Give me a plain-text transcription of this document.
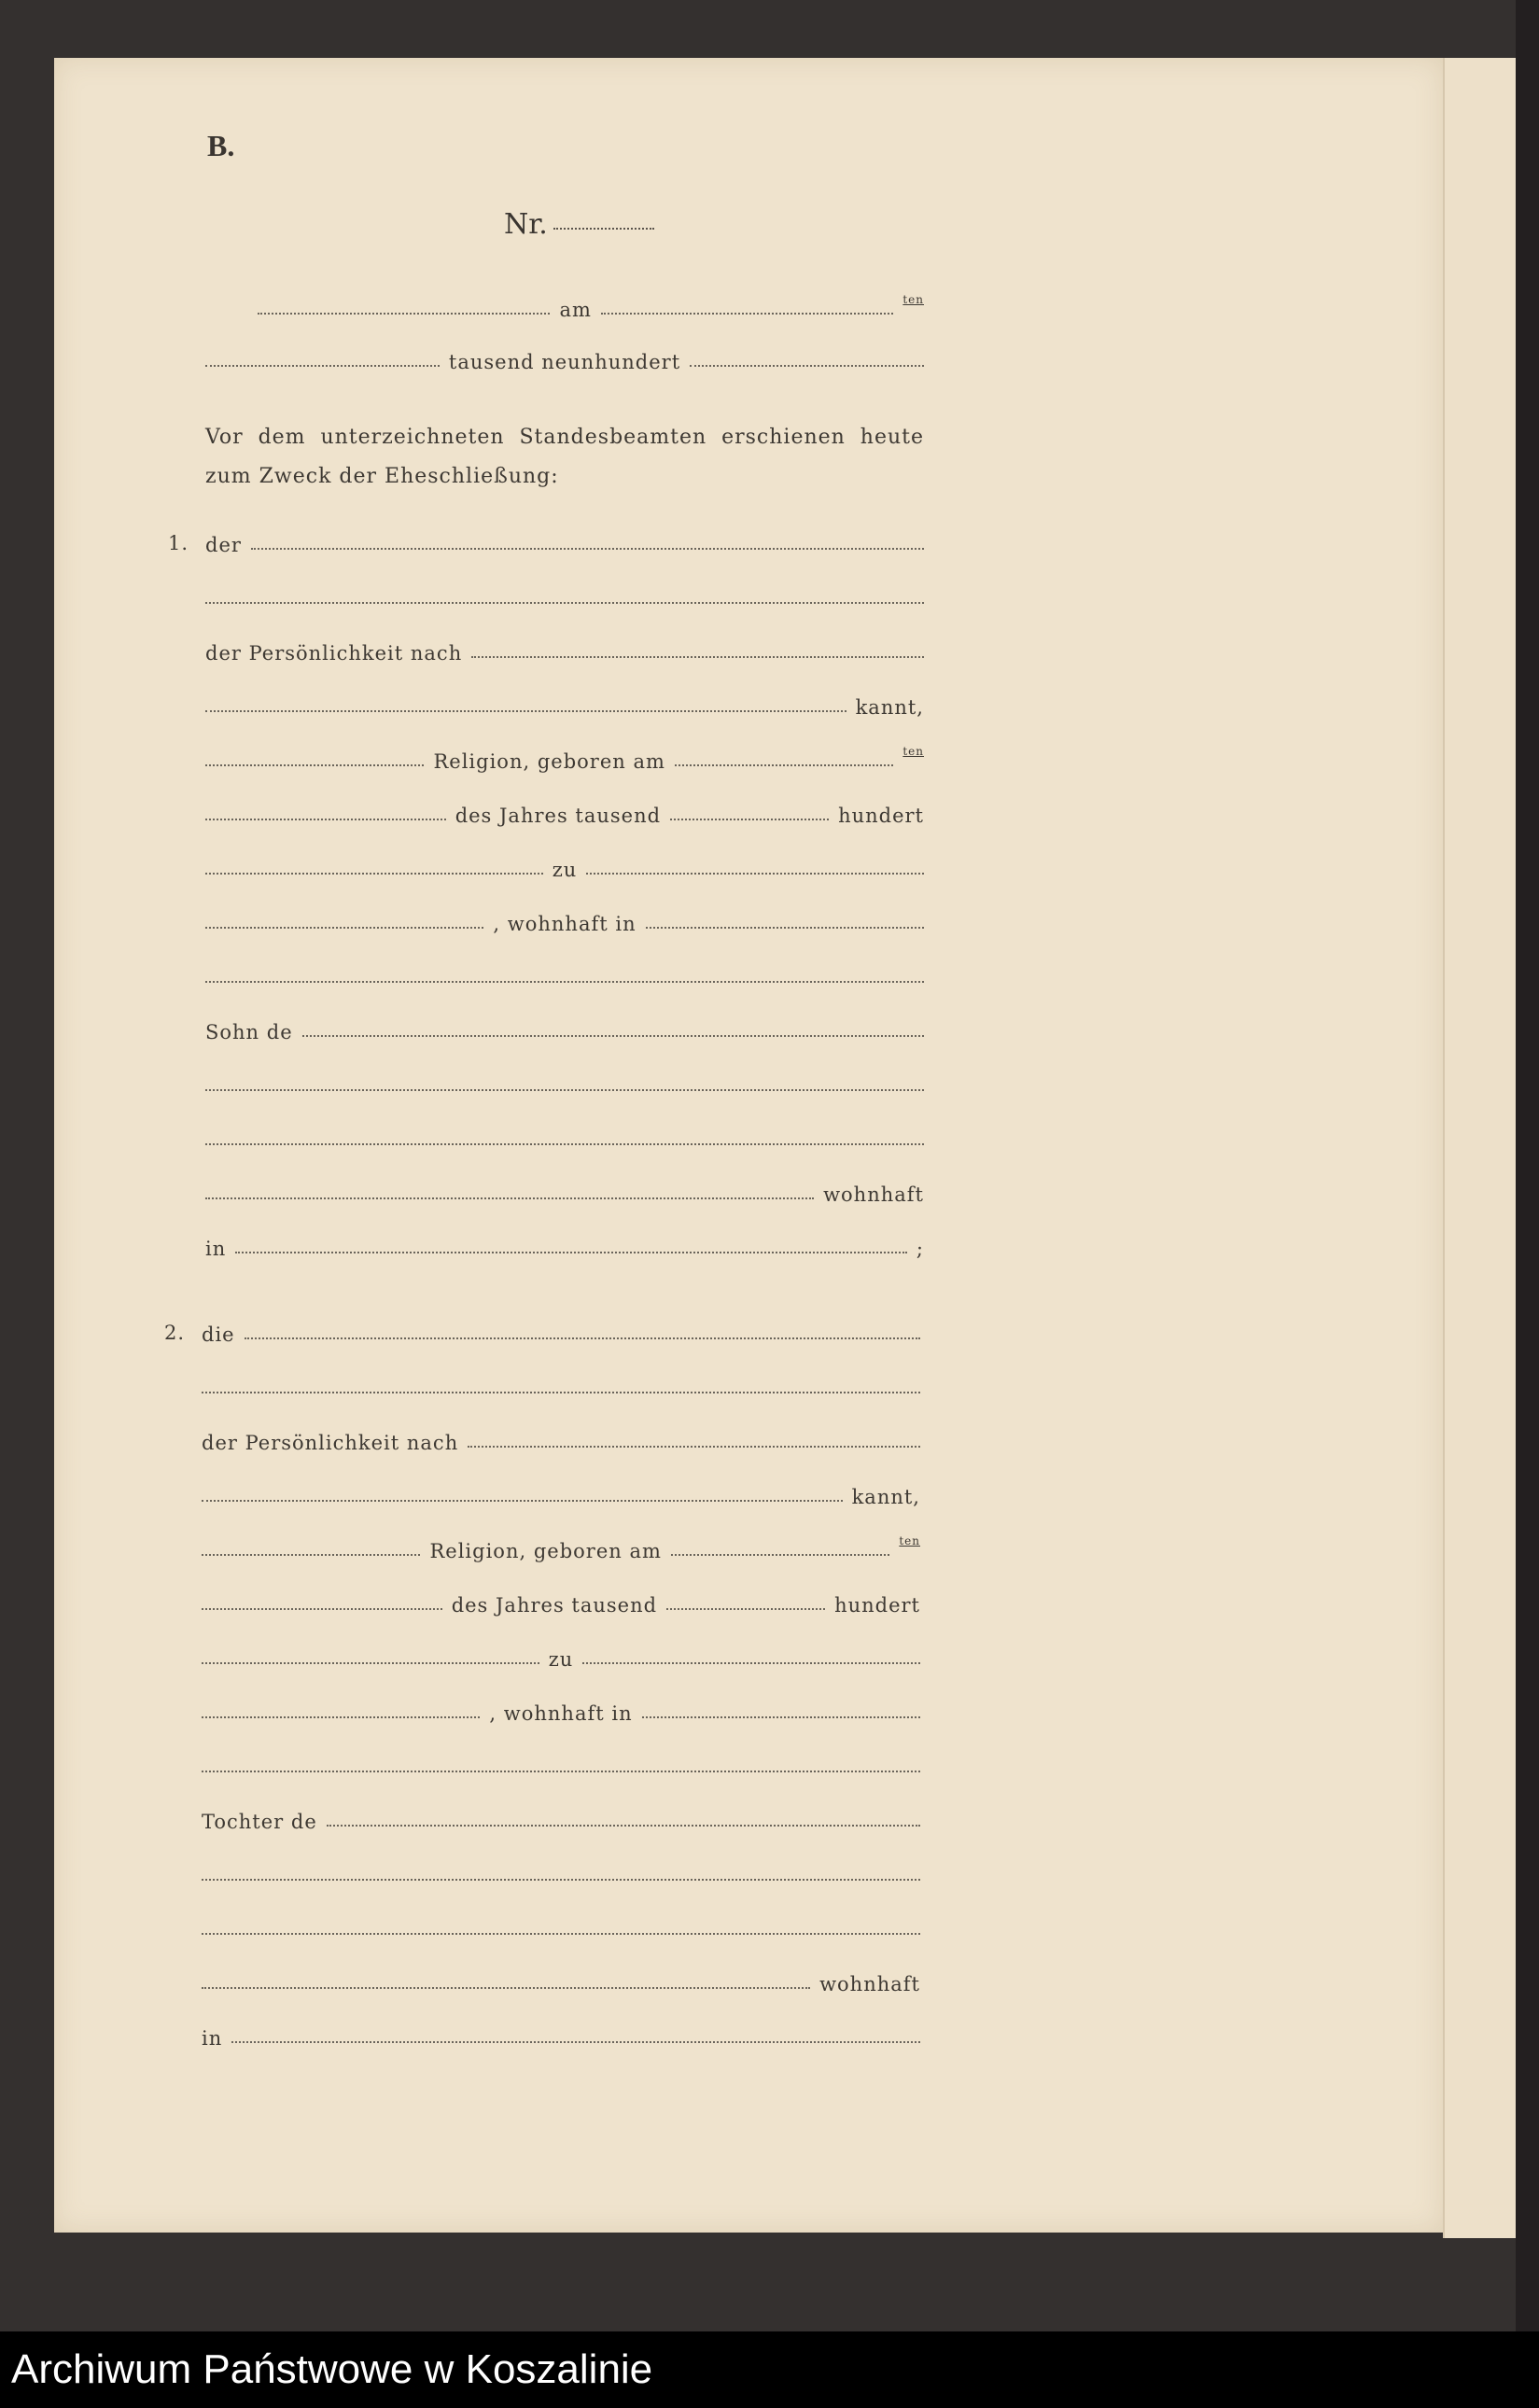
B.
Nr.
am	ten
tausend neunhundert
Vor dem unterzeichneten Standesbeamten erschienen heute zum Zweck der Eheschließung:
1. der
der Persönlichkeit nach
kannt,
Religion, geboren am	ten
des Jahres tausend	hundert
zu
, wohnhaft in
Sohn de
wohnhaft
in	;
2. die
der Persönlichkeit nach
kannt,
Religion, geboren am	ten
des Jahres tausend	hundert
zu
, wohnhaft in
Tochter de
wohnhaft
in
Archiwum Państwowe w Koszalinie
